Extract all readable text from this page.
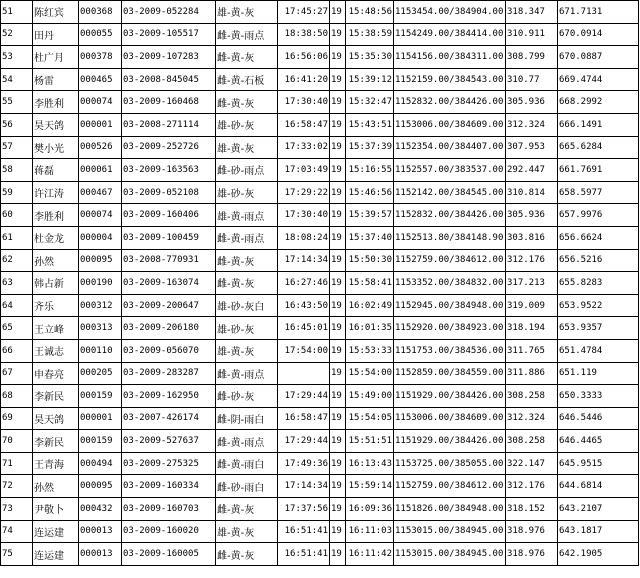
51	陈红宾	000368	03-2009-052284	雄-黄-灰	17:45:27	19	15:48:56	1153454.00/384904.00	318.347	671.7131
52	田丹	000055	03-2009-105517	雌-黄-雨点	18:38:50	19	15:38:59	1154249.00/384414.00	310.911	670.0914
53	杜广月	000378	03-2009-107283	雌-黄-灰	16:56:06	19	15:35:30	1154156.00/384311.00	308.799	670.0887
54	杨雷	000465	03-2008-845045	雌-黄-石板	16:41:20	19	15:39:12	1152159.00/384543.00	310.77	669.4744
55	李胜利	000074	03-2009-160468	雌-黄-灰	17:30:40	19	15:32:47	1152832.00/384426.00	305.936	668.2992
56	昊天鸽	000001	03-2008-271114	雄-砂-灰	16:58:47	19	15:43:51	1153006.00/384609.00	312.324	666.1491
57	樊小光	000526	03-2009-252726	雄-黄-灰	17:33:02	19	15:37:39	1152354.00/384407.00	307.953	665.6284
58	蒋磊	000061	03-2009-163563	雌-砂-雨点	17:03:49	19	15:16:55	1152557.00/383537.00	292.447	661.7691
59	许江涛	000467	03-2009-052108	雄-砂-灰	17:29:22	19	15:46:56	1152142.00/384545.00	310.814	658.5977
60	李胜利	000074	03-2009-160406	雄-黄-雨点	17:30:40	19	15:39:57	1152832.00/384426.00	305.936	657.9976
61	杜金龙	000004	03-2009-100459	雌-黄-雨点	18:08:24	19	15:37:40	1152513.80/384148.90	303.816	656.6624
62	孙然	000095	03-2008-770931	雌-黄-灰	17:14:34	19	15:50:30	1152759.00/384612.00	312.176	656.5216
63	韩占新	000190	03-2009-163074	雌-黄-灰	16:27:46	19	15:58:41	1153352.00/384832.00	317.213	655.8283
64	齐乐	000312	03-2009-200647	雄-砂-灰白	16:43:50	19	16:02:49	1152945.00/384948.00	319.009	653.9522
65	王立峰	000313	03-2009-206180	雄-砂-灰	16:45:01	19	16:01:35	1152920.00/384923.00	318.194	653.9357
66	王诚志	000110	03-2009-056070	雄-黄-灰	17:54:00	19	15:53:33	1151753.00/384536.00	311.765	651.4784
67	申春亮	000205	03-2009-283287	雌-黄-雨点		19	15:54:00	1152859.00/384559.00	311.886	651.119
68	李新民	000159	03-2009-162950	雌-砂-灰	17:29:44	19	15:49:00	1151929.00/384426.00	308.258	650.3333
69	昊天鸽	000001	03-2007-426174	雌-阴-雨白	16:58:47	19	15:54:05	1153006.00/384609.00	312.324	646.5446
70	李新民	000159	03-2009-527637	雌-黄-雨点	17:29:44	19	15:51:51	1151929.00/384426.00	308.258	646.4465
71	王青海	000494	03-2009-275325	雌-黄-雨白	17:49:36	19	16:13:43	1153725.00/385055.00	322.147	645.9515
72	孙然	000095	03-2009-160334	雌-砂-雨白	17:14:34	19	15:59:14	1152759.00/384612.00	312.176	644.6814
73	尹敬卜	000432	03-2009-160703	雌-黄-灰	17:37:56	19	16:09:36	1151826.00/384948.00	318.152	643.2107
74	连运建	000013	03-2009-160020	雄-黄-灰	16:51:41	19	16:11:03	1153015.00/384945.00	318.976	643.1817
75	连运建	000013	03-2009-160005	雌-黄-灰	16:51:41	19	16:11:42	1153015.00/384945.00	318.976	642.1905
